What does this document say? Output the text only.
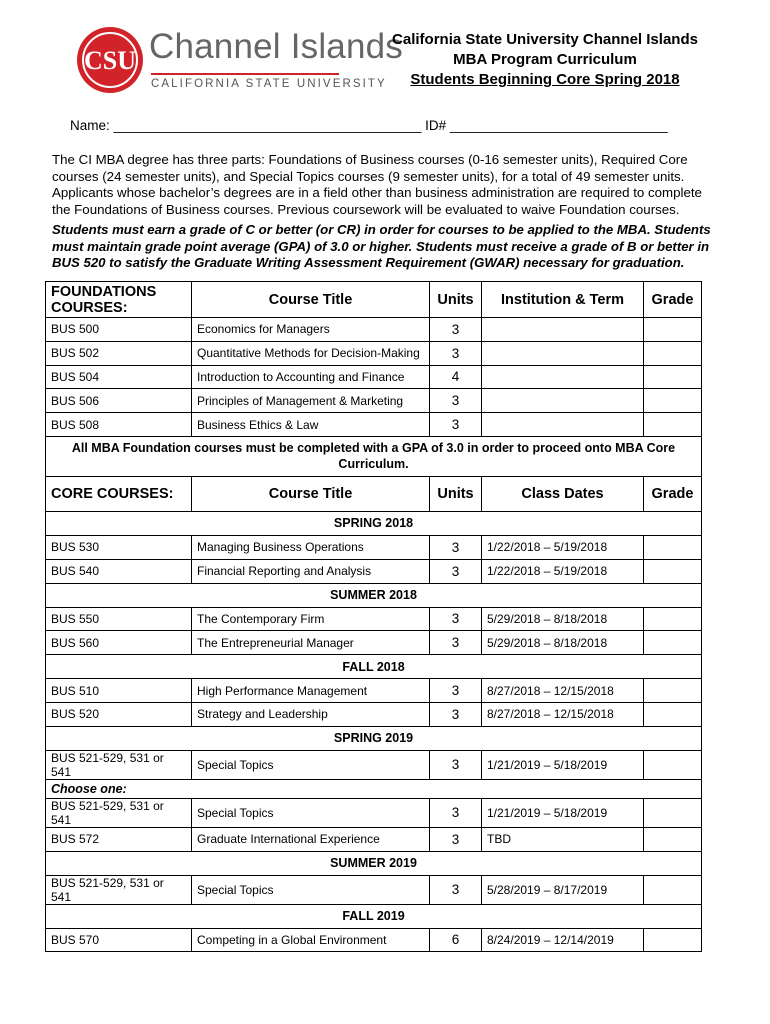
CSU Channel Islands
CALIFORNIA STATE UNIVERSITY
California State University Channel Islands
MBA Program Curriculum
Students Beginning Core Spring 2018
Name: _________________________________________ ID# _____________________________
The CI MBA degree has three parts: Foundations of Business courses (0-16 semester units), Required Core courses (24 semester units), and Special Topics courses (9 semester units), for a total of 49 semester units. Applicants whose bachelor’s degrees are in a field other than business administration are required to complete the Foundations of Business courses. Previous coursework will be evaluated to waive Foundation courses.
Students must earn a grade of C or better (or CR) in order for courses to be applied to the MBA. Students must maintain grade point average (GPA) of 3.0 or higher. Students must receive a grade of B or better in BUS 520 to satisfy the Graduate Writing Assessment Requirement (GWAR) necessary for graduation.
FOUNDATIONS COURSES:	Course Title	Units	Institution & Term	Grade
BUS 500	Economics for Managers	3		
BUS 502	Quantitative Methods for Decision-Making	3		
BUS 504	Introduction to Accounting and Finance	4		
BUS 506	Principles of Management & Marketing	3		
BUS 508	Business Ethics & Law	3		
All MBA Foundation courses must be completed with a GPA of 3.0 in order to proceed onto MBA Core Curriculum.				
CORE COURSES:	Course Title	Units	Class Dates	Grade
SPRING 2018				
BUS 530	Managing Business Operations	3	1/22/2018 – 5/19/2018	
BUS 540	Financial Reporting and Analysis	3	1/22/2018 – 5/19/2018	
SUMMER 2018				
BUS 550	The Contemporary Firm	3	5/29/2018 – 8/18/2018	
BUS 560	The Entrepreneurial Manager	3	5/29/2018 – 8/18/2018	
FALL 2018				
BUS 510	High Performance Management	3	8/27/2018 – 12/15/2018	
BUS 520	Strategy and Leadership	3	8/27/2018 – 12/15/2018	
SPRING 2019				
BUS 521-529, 531 or 541	Special Topics	3	1/21/2019 – 5/18/2019	
Choose one:				
BUS 521-529, 531 or 541	Special Topics	3	1/21/2019 – 5/18/2019	
BUS 572	Graduate International Experience	3	TBD	
SUMMER 2019				
BUS 521-529, 531 or 541	Special Topics	3	5/28/2019 – 8/17/2019	
FALL 2019				
BUS 570	Competing in a Global Environment	6	8/24/2019 – 12/14/2019	
